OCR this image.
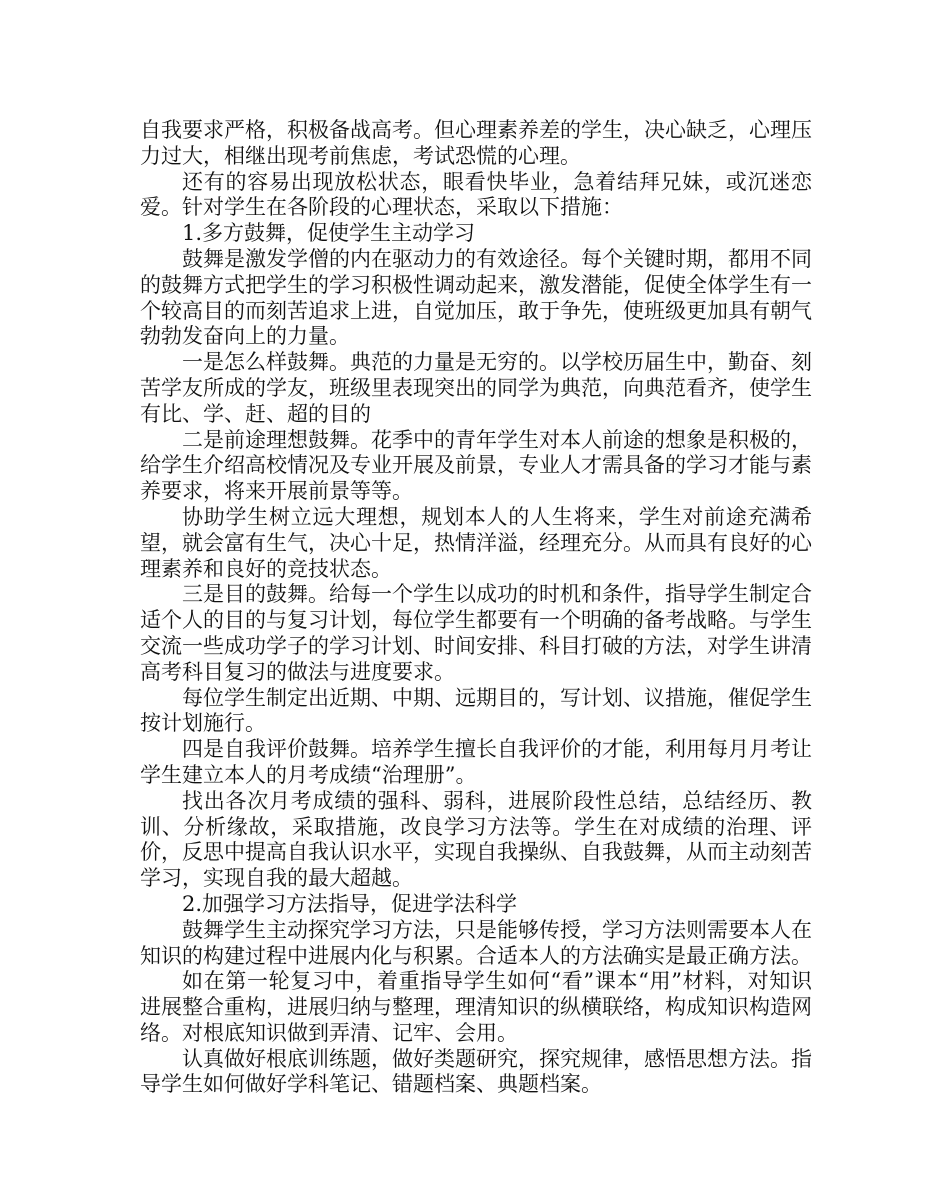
自我要求严格，积极备战高考。但心理素养差的学生，决心缺乏，心理压力过大，相继出现考前焦虑，考试恐慌的心理。

还有的容易出现放松状态，眼看快毕业，急着结拜兄妹，或沉迷恋爱。针对学生在各阶段的心理状态，采取以下措施：

1.多方鼓舞，促使学生主动学习

鼓舞是激发学僧的内在驱动力的有效途径。每个关键时期，都用不同的鼓舞方式把学生的学习积极性调动起来，激发潜能，促使全体学生有一个较高目的而刻苦追求上进，自觉加压，敢于争先，使班级更加具有朝气勃勃发奋向上的力量。

一是怎么样鼓舞。典范的力量是无穷的。以学校历届生中，勤奋、刻苦学友所成的学友，班级里表现突出的同学为典范，向典范看齐，使学生有比、学、赶、超的目的

二是前途理想鼓舞。花季中的青年学生对本人前途的想象是积极的，给学生介绍高校情况及专业开展及前景，专业人才需具备的学习才能与素养要求，将来开展前景等等。

协助学生树立远大理想，规划本人的人生将来，学生对前途充满希望，就会富有生气，决心十足，热情洋溢，经理充分。从而具有良好的心理素养和良好的竞技状态。

三是目的鼓舞。给每一个学生以成功的时机和条件，指导学生制定合适个人的目的与复习计划，每位学生都要有一个明确的备考战略。与学生交流一些成功学子的学习计划、时间安排、科目打破的方法，对学生讲清高考科目复习的做法与进度要求。

每位学生制定出近期、中期、远期目的，写计划、议措施，催促学生按计划施行。

四是自我评价鼓舞。培养学生擅长自我评价的才能，利用每月月考让学生建立本人的月考成绩“治理册”。

找出各次月考成绩的强科、弱科，进展阶段性总结，总结经历、教训、分析缘故，采取措施，改良学习方法等。学生在对成绩的治理、评价，反思中提高自我认识水平，实现自我操纵、自我鼓舞，从而主动刻苦学习，实现自我的最大超越。

2.加强学习方法指导，促进学法科学

鼓舞学生主动探究学习方法，只是能够传授，学习方法则需要本人在知识的构建过程中进展内化与积累。合适本人的方法确实是最正确方法。

如在第一轮复习中，着重指导学生如何“看”课本“用”材料，对知识进展整合重构，进展归纳与整理，理清知识的纵横联络，构成知识构造网络。对根底知识做到弄清、记牢、会用。

认真做好根底训练题，做好类题研究，探究规律，感悟思想方法。指导学生如何做好学科笔记、错题档案、典题档案。
